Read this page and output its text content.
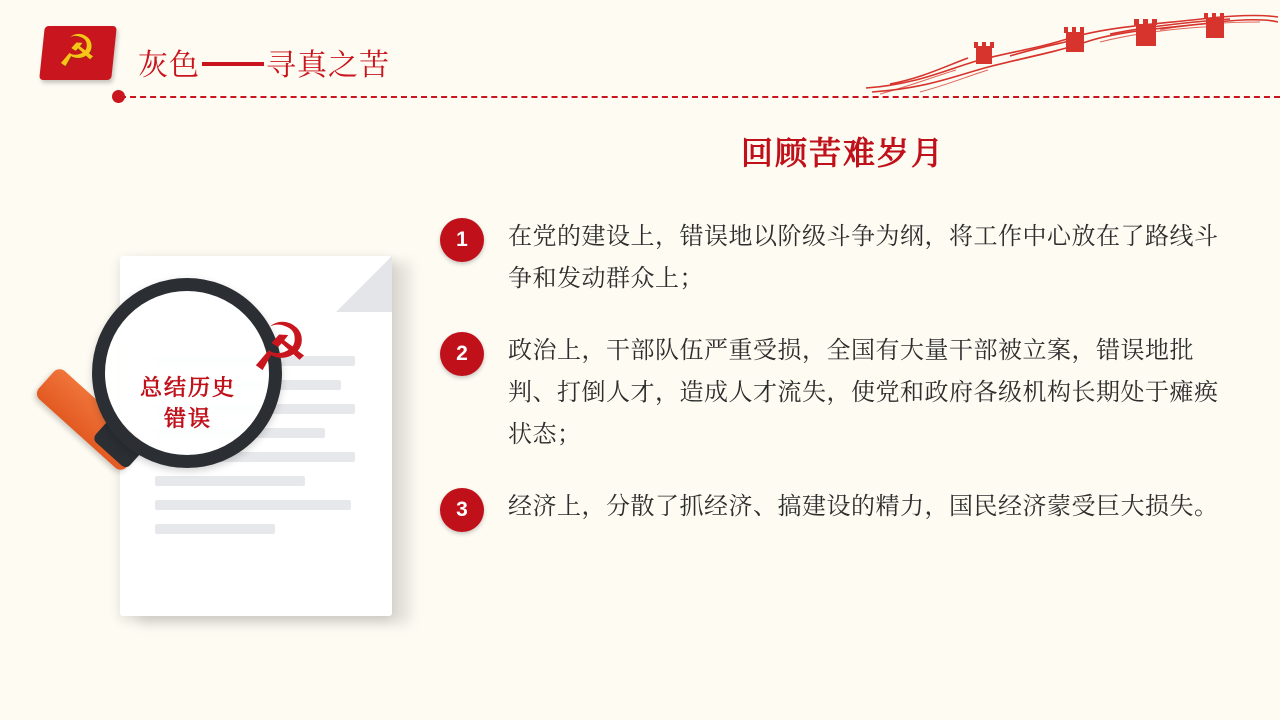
☭ 灰色 寻真之苦
回顾苦难岁月
☭
总结历史
错误
1	在党的建设上，错误地以阶级斗争为纲，将工作中心放在了路线斗争和发动群众上；
2	政治上，干部队伍严重受损，全国有大量干部被立案，错误地批判、打倒人才，造成人才流失，使党和政府各级机构长期处于瘫痪状态；
3	经济上，分散了抓经济、搞建设的精力，国民经济蒙受巨大损失。
